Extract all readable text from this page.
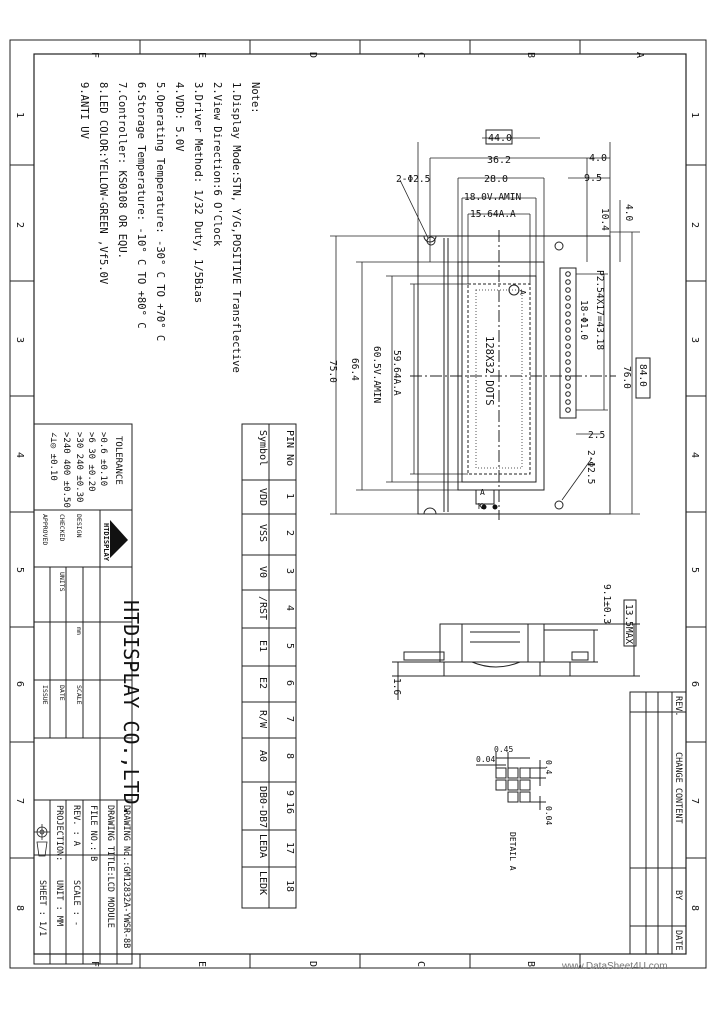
F	E	D	C	B	A
F	E	D	C	B
1
2
3
4
5
6
7
8
1
2
3
4
5
6
7
8
Note:
1.Display Mode:STN, Y/G,POSITIVE Transflective
2.View Direction:6 O'Clock
3.Driver Method: 1/32 Duty, 1/5Bias
4.VDD: 5.0V
5.Operating Temperature: -30° C TO +70° C
6.Storage Temperature: -10° C TO +80° C
7.Controller: KS0108 OR EQU.
8.LED COLOR:YELLOW-GREEN ,Vf5.0V
9.ANTI UV
TOLERANCE
>0.6 ±0.10
>6 30 ±0.20
>30 240 ±0.30
>240 400 ±0.50
∠⊥◎ ±0.10
HTDISPLAY
HTDISPLAY CO.,LTD.
DESIGN
CHECKED
APPROVED
UNITS
mm
DATE SCALE
ISSUE
DRAWING No.:GM12832A-YWSR-8B
DRAWING TITLE:LCD MODULE
FILE NO.: B
REV. : A
SCALE : -
PROJECTION:
UNIT : MM
SHEET : 1/1
REV.
CHANGE CONTENT
BY
DATE
PIN No
Symbol
1
VDD
2
VSS
3
V0
4
/RST
5
E1
6
E2
7
R/W
8
A0
9 16
DB0-DB7
17
LEDA
18
LEDK
44.0
36.2
28.0
18.0V.AMIN
15.64A.A
4.0
9.5
2-Φ2.5
10.4 4.0
P2.54X17=43.18
18-Φ1.0
128X32 DOTS
59.64A.A
60.5V.AMIN
66.4
75.0	76.0 84.0
2.5
2-Φ2.5
A
A
K
13.5MAX
9.1±0.3
1.6
0.45
0.04
0.4
0.04
DETAIL A
www.DataSheet4U.com
